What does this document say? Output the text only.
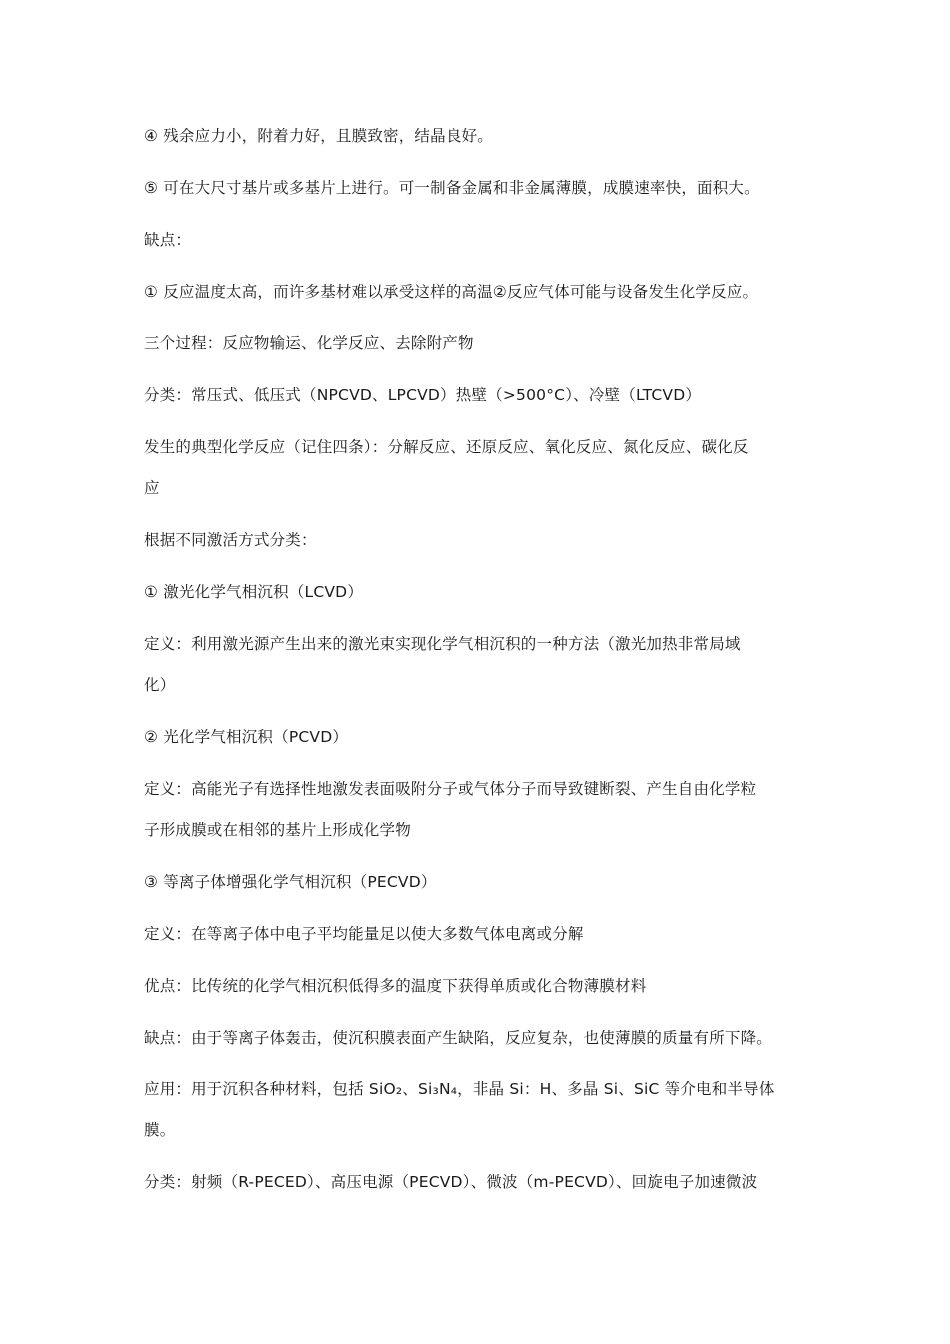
④ 残余应力小，附着力好，且膜致密，结晶良好。
⑤ 可在大尺寸基片或多基片上进行。可一制备金属和非金属薄膜，成膜速率快，面积大。
缺点：
① 反应温度太高，而许多基材难以承受这样的高温②反应气体可能与设备发生化学反应。
三个过程：反应物输运、化学反应、去除附产物
分类：常压式、低压式（NPCVD、LPCVD）热壁（>500°C）、冷壁（LTCVD）
发生的典型化学反应（记住四条）：分解反应、还原反应、氧化反应、氮化反应、碳化反
应
根据不同激活方式分类：
① 激光化学气相沉积（LCVD）
定义：利用激光源产生出来的激光束实现化学气相沉积的一种方法（激光加热非常局域
化）
② 光化学气相沉积（PCVD）
定义：高能光子有选择性地激发表面吸附分子或气体分子而导致键断裂、产生自由化学粒
子形成膜或在相邻的基片上形成化学物
③ 等离子体增强化学气相沉积（PECVD）
定义：在等离子体中电子平均能量足以使大多数气体电离或分解
优点：比传统的化学气相沉积低得多的温度下获得单质或化合物薄膜材料
缺点：由于等离子体轰击，使沉积膜表面产生缺陷，反应复杂，也使薄膜的质量有所下降。
应用：用于沉积各种材料，包括 SiO₂、Si₃N₄，非晶 Si：H、多晶 Si、SiC 等介电和半导体
膜。
分类：射频（R-PECED）、高压电源（PECVD）、微波（m-PECVD）、回旋电子加速微波
